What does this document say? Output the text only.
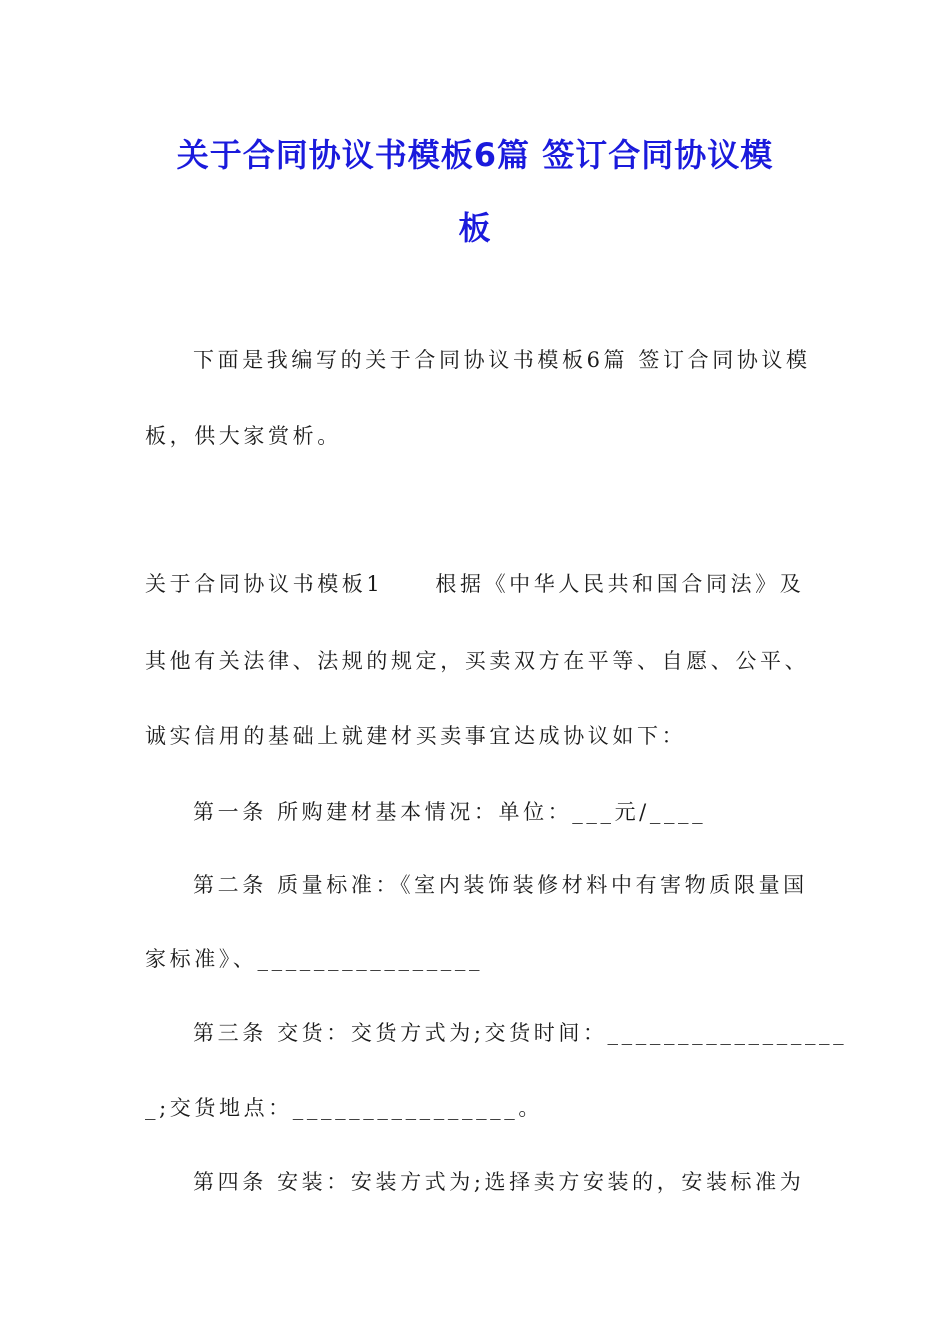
关于合同协议书模板6篇 签订合同协议模
板

下面是我编写的关于合同协议书模板6篇 签订合同协议模

板，供大家赏析。

关于合同协议书模板1 根据《中华人民共和国合同法》及

其他有关法律、法规的规定，买卖双方在平等、自愿、公平、

诚实信用的基础上就建材买卖事宜达成协议如下：

第一条 所购建材基本情况：单位：___元/____

第二条 质量标准：《室内装饰装修材料中有害物质限量国

家标准》、________________

第三条 交货：交货方式为;交货时间：_________________

_;交货地点：________________。

第四条 安装：安装方式为;选择卖方安装的，安装标准为
